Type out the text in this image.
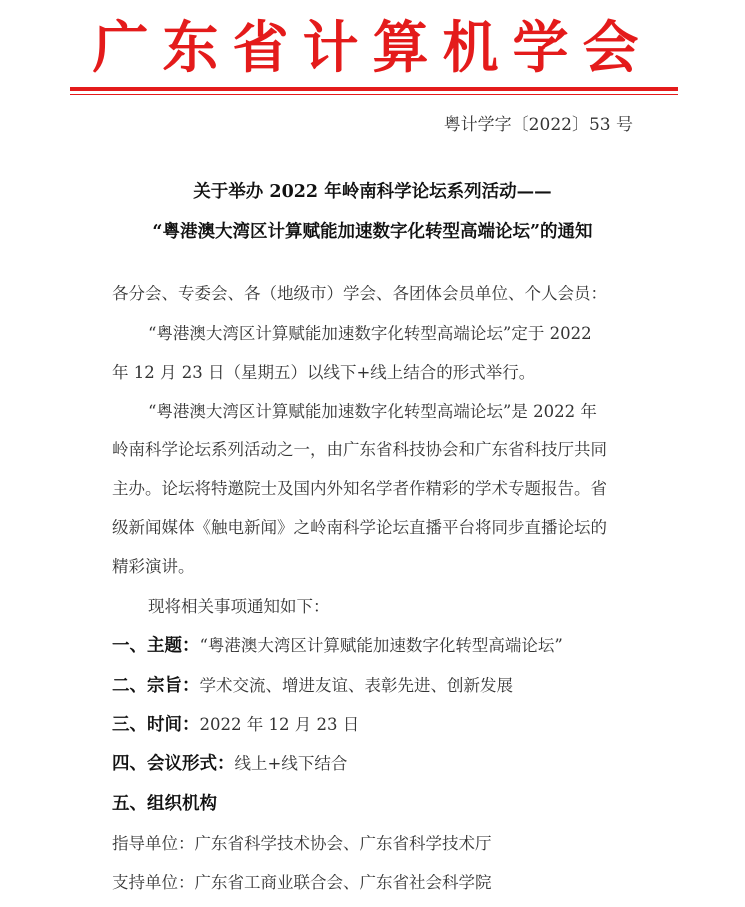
广东省计算机学会
粤计学字〔2022〕53 号
关于举办 2022 年岭南科学论坛系列活动——
“粤港澳大湾区计算赋能加速数字化转型高端论坛”的通知
各分会、专委会、各（地级市）学会、各团体会员单位、个人会员：
“粤港澳大湾区计算赋能加速数字化转型高端论坛”定于 2022
年 12 月 23 日（星期五）以线下+线上结合的形式举行。
“粤港澳大湾区计算赋能加速数字化转型高端论坛”是 2022 年
岭南科学论坛系列活动之一，由广东省科技协会和广东省科技厅共同
主办。论坛将特邀院士及国内外知名学者作精彩的学术专题报告。省
级新闻媒体《触电新闻》之岭南科学论坛直播平台将同步直播论坛的
精彩演讲。
现将相关事项通知如下：
一、主题：“粤港澳大湾区计算赋能加速数字化转型高端论坛”
二、宗旨：学术交流、增进友谊、表彰先进、创新发展
三、时间：2022 年 12 月 23 日
四、会议形式：线上+线下结合
五、组织机构
指导单位：广东省科学技术协会、广东省科学技术厅
支持单位：广东省工商业联合会、广东省社会科学院
